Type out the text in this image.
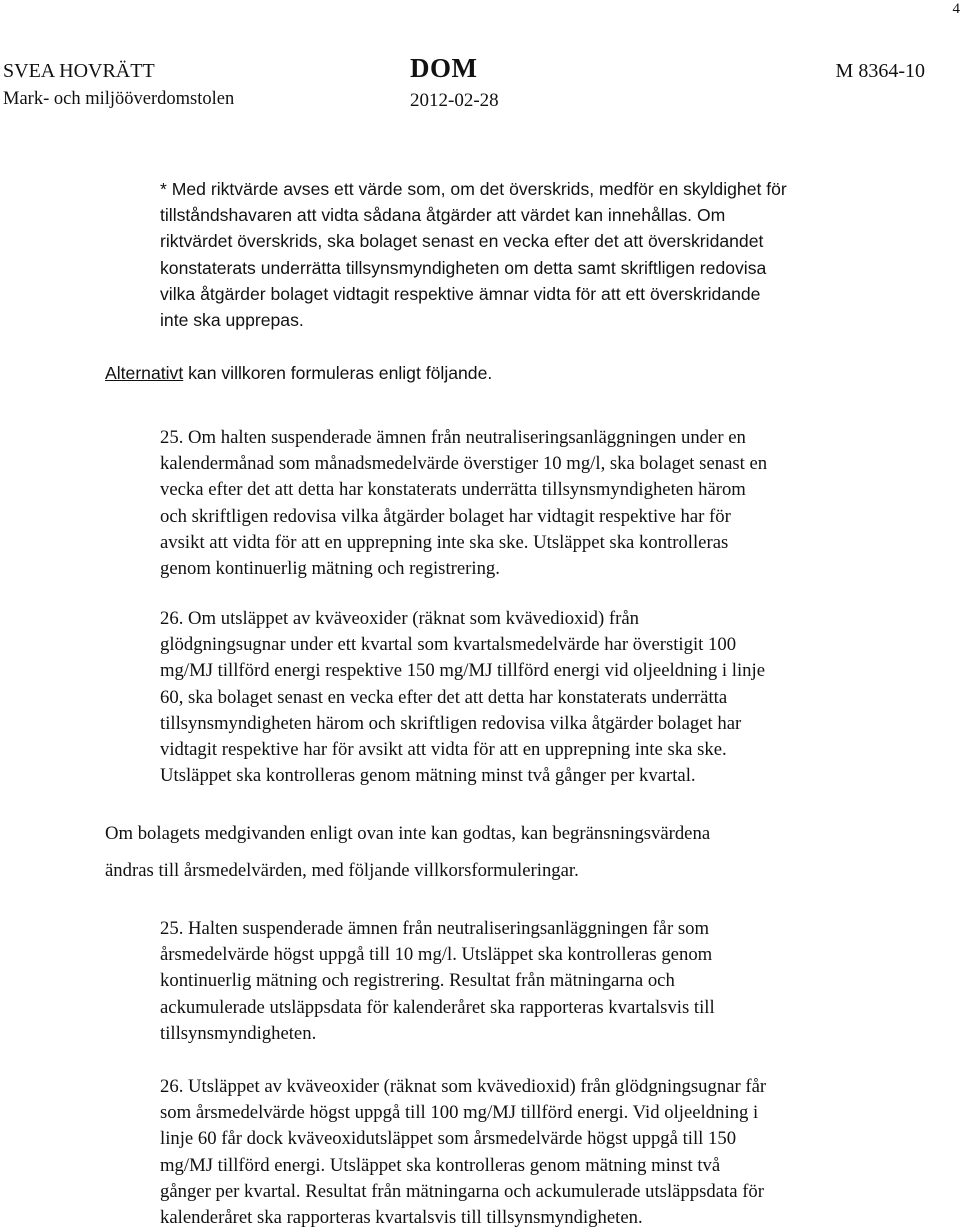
4
SVEA HOVRÄTT
Mark- och miljööverdomstolen
DOM
2012-02-28
M 8364-10
* Med riktvärde avses ett värde som, om det överskrids, medför en skyldighet för
tillståndshavaren att vidta sådana åtgärder att värdet kan innehållas. Om
riktvärdet överskrids, ska bolaget senast en vecka efter det att överskridandet
konstaterats underrätta tillsynsmyndigheten om detta samt skriftligen redovisa
vilka åtgärder bolaget vidtagit respektive ämnar vidta för att ett överskridande
inte ska upprepas.
Alternativt kan villkoren formuleras enligt följande.
25. Om halten suspenderade ämnen från neutraliseringsanläggningen under en
kalendermånad som månadsmedelvärde överstiger 10 mg/l, ska bolaget senast en
vecka efter det att detta har konstaterats underrätta tillsynsmyndigheten härom
och skriftligen redovisa vilka åtgärder bolaget har vidtagit respektive har för
avsikt att vidta för att en upprepning inte ska ske. Utsläppet ska kontrolleras
genom kontinuerlig mätning och registrering.
26. Om utsläppet av kväveoxider (räknat som kvävedioxid) från
glödgningsugnar under ett kvartal som kvartalsmedelvärde har överstigit 100
mg/MJ tillförd energi respektive 150 mg/MJ tillförd energi vid oljeeldning i linje
60, ska bolaget senast en vecka efter det att detta har konstaterats underrätta
tillsynsmyndigheten härom och skriftligen redovisa vilka åtgärder bolaget har
vidtagit respektive har för avsikt att vidta för att en upprepning inte ska ske.
Utsläppet ska kontrolleras genom mätning minst två gånger per kvartal.
Om bolagets medgivanden enligt ovan inte kan godtas, kan begränsningsvärdena
ändras till årsmedelvärden, med följande villkorsformuleringar.
25. Halten suspenderade ämnen från neutraliseringsanläggningen får som
årsmedelvärde högst uppgå till 10 mg/l. Utsläppet ska kontrolleras genom
kontinuerlig mätning och registrering. Resultat från mätningarna och
ackumulerade utsläppsdata för kalenderåret ska rapporteras kvartalsvis till
tillsynsmyndigheten.
26. Utsläppet av kväveoxider (räknat som kvävedioxid) från glödgningsugnar får
som årsmedelvärde högst uppgå till 100 mg/MJ tillförd energi. Vid oljeeldning i
linje 60 får dock kväveoxidutsläppet som årsmedelvärde högst uppgå till 150
mg/MJ tillförd energi. Utsläppet ska kontrolleras genom mätning minst två
gånger per kvartal. Resultat från mätningarna och ackumulerade utsläppsdata för
kalenderåret ska rapporteras kvartalsvis till tillsynsmyndigheten.
